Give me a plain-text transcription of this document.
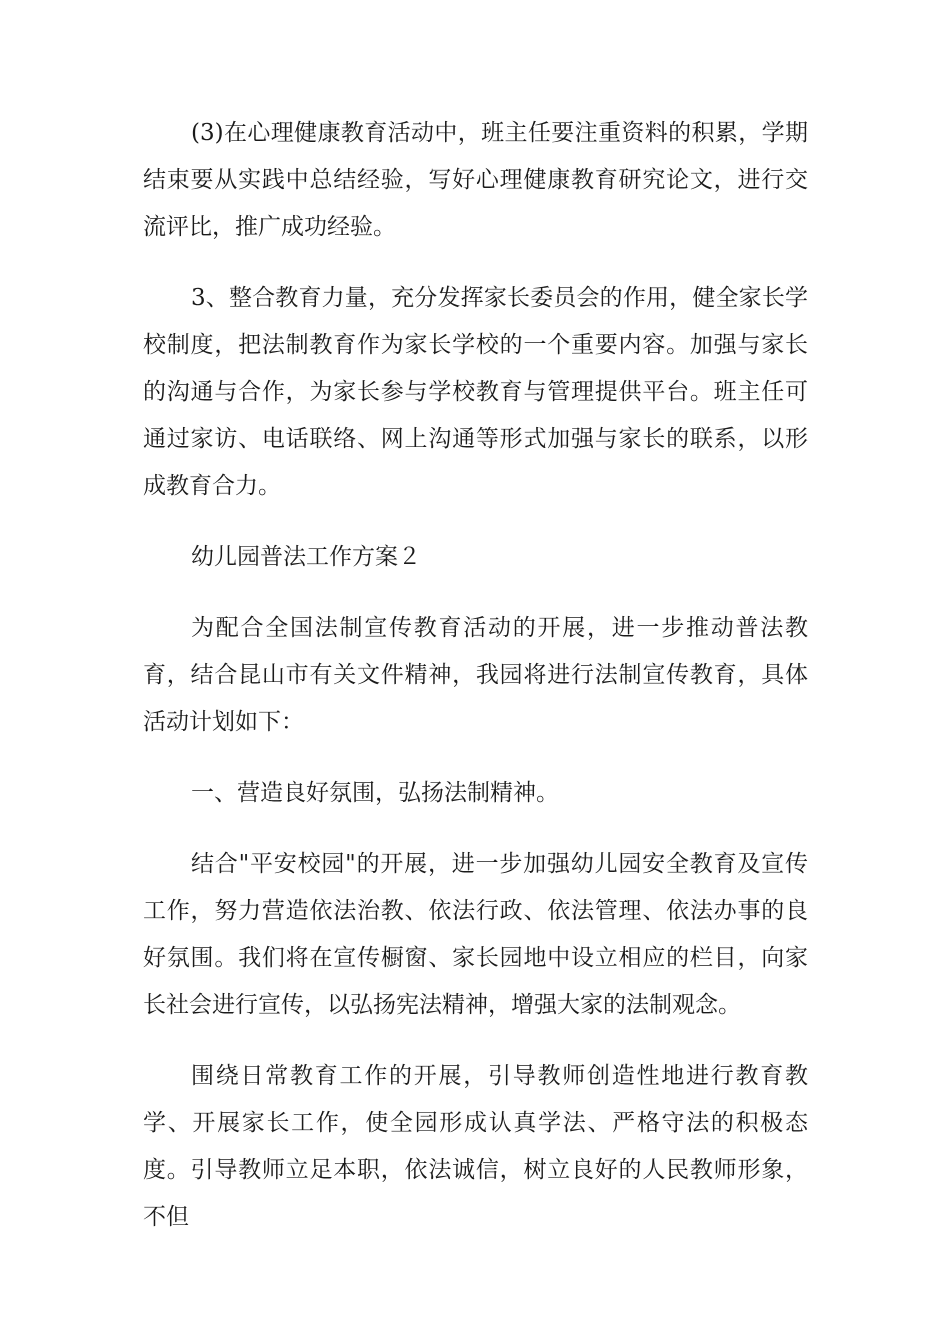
(3)在心理健康教育活动中，班主任要注重资料的积累，学期结束要从实践中总结经验，写好心理健康教育研究论文，进行交流评比，推广成功经验。

3、整合教育力量，充分发挥家长委员会的作用，健全家长学校制度，把法制教育作为家长学校的一个重要内容。加强与家长的沟通与合作，为家长参与学校教育与管理提供平台。班主任可通过家访、电话联络、网上沟通等形式加强与家长的联系，以形成教育合力。

幼儿园普法工作方案２

为配合全国法制宣传教育活动的开展，进一步推动普法教育，结合昆山市有关文件精神，我园将进行法制宣传教育，具体活动计划如下：

一、营造良好氛围，弘扬法制精神。

结合"平安校园"的开展，进一步加强幼儿园安全教育及宣传工作，努力营造依法治教、依法行政、依法管理、依法办事的良好氛围。我们将在宣传橱窗、家长园地中设立相应的栏目，向家长社会进行宣传，以弘扬宪法精神，增强大家的法制观念。

围绕日常教育工作的开展，引导教师创造性地进行教育教学、开展家长工作，使全园形成认真学法、严格守法的积极态度。引导教师立足本职，依法诚信，树立良好的人民教师形象，不但
